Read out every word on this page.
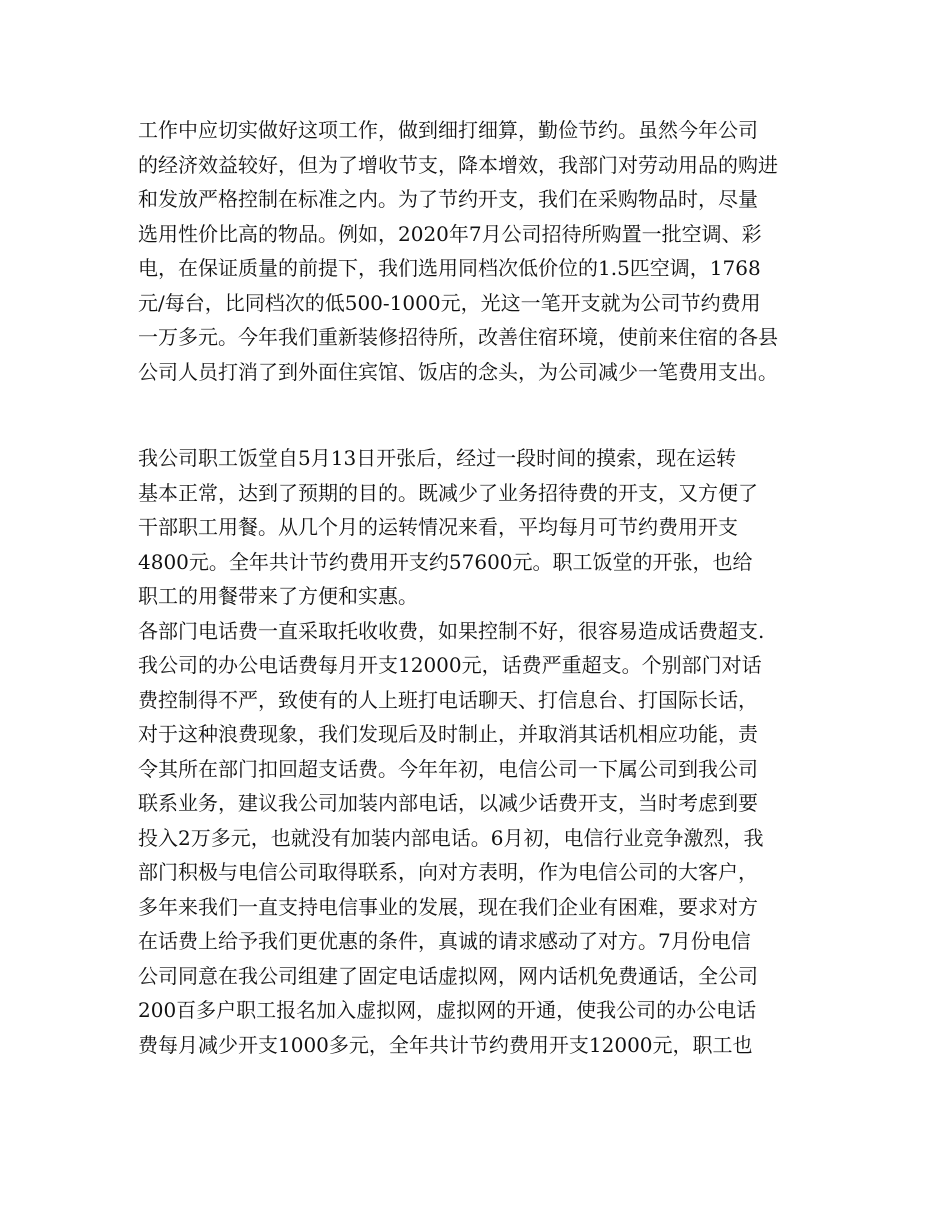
工作中应切实做好这项工作，做到细打细算，勤俭节约。虽然今年公司
的经济效益较好，但为了增收节支，降本增效，我部门对劳动用品的购进
和发放严格控制在标准之内。为了节约开支，我们在采购物品时，尽量
选用性价比高的物品。例如，2020年7月公司招待所购置一批空调、彩
电，在保证质量的前提下，我们选用同档次低价位的1.5匹空调，1768
元/每台，比同档次的低500-1000元，光这一笔开支就为公司节约费用
一万多元。今年我们重新装修招待所，改善住宿环境，使前来住宿的各县
公司人员打消了到外面住宾馆、饭店的念头，为公司减少一笔费用支出。
我公司职工饭堂自5月13日开张后，经过一段时间的摸索，现在运转
基本正常，达到了预期的目的。既减少了业务招待费的开支，又方便了
干部职工用餐。从几个月的运转情况来看，平均每月可节约费用开支
4800元。全年共计节约费用开支约57600元。职工饭堂的开张，也给
职工的用餐带来了方便和实惠。
各部门电话费一直采取托收收费，如果控制不好，很容易造成话费超支.
我公司的办公电话费每月开支12000元，话费严重超支。个别部门对话
费控制得不严，致使有的人上班打电话聊天、打信息台、打国际长话，
对于这种浪费现象，我们发现后及时制止，并取消其话机相应功能，责
令其所在部门扣回超支话费。今年年初，电信公司一下属公司到我公司
联系业务，建议我公司加装内部电话，以减少话费开支，当时考虑到要
投入2万多元，也就没有加装内部电话。6月初，电信行业竞争激烈，我
部门积极与电信公司取得联系，向对方表明，作为电信公司的大客户，
多年来我们一直支持电信事业的发展，现在我们企业有困难，要求对方
在话费上给予我们更优惠的条件，真诚的请求感动了对方。7月份电信
公司同意在我公司组建了固定电话虚拟网，网内话机免费通话，全公司
200百多户职工报名加入虚拟网，虚拟网的开通，使我公司的办公电话
费每月减少开支1000多元，全年共计节约费用开支12000元，职工也
